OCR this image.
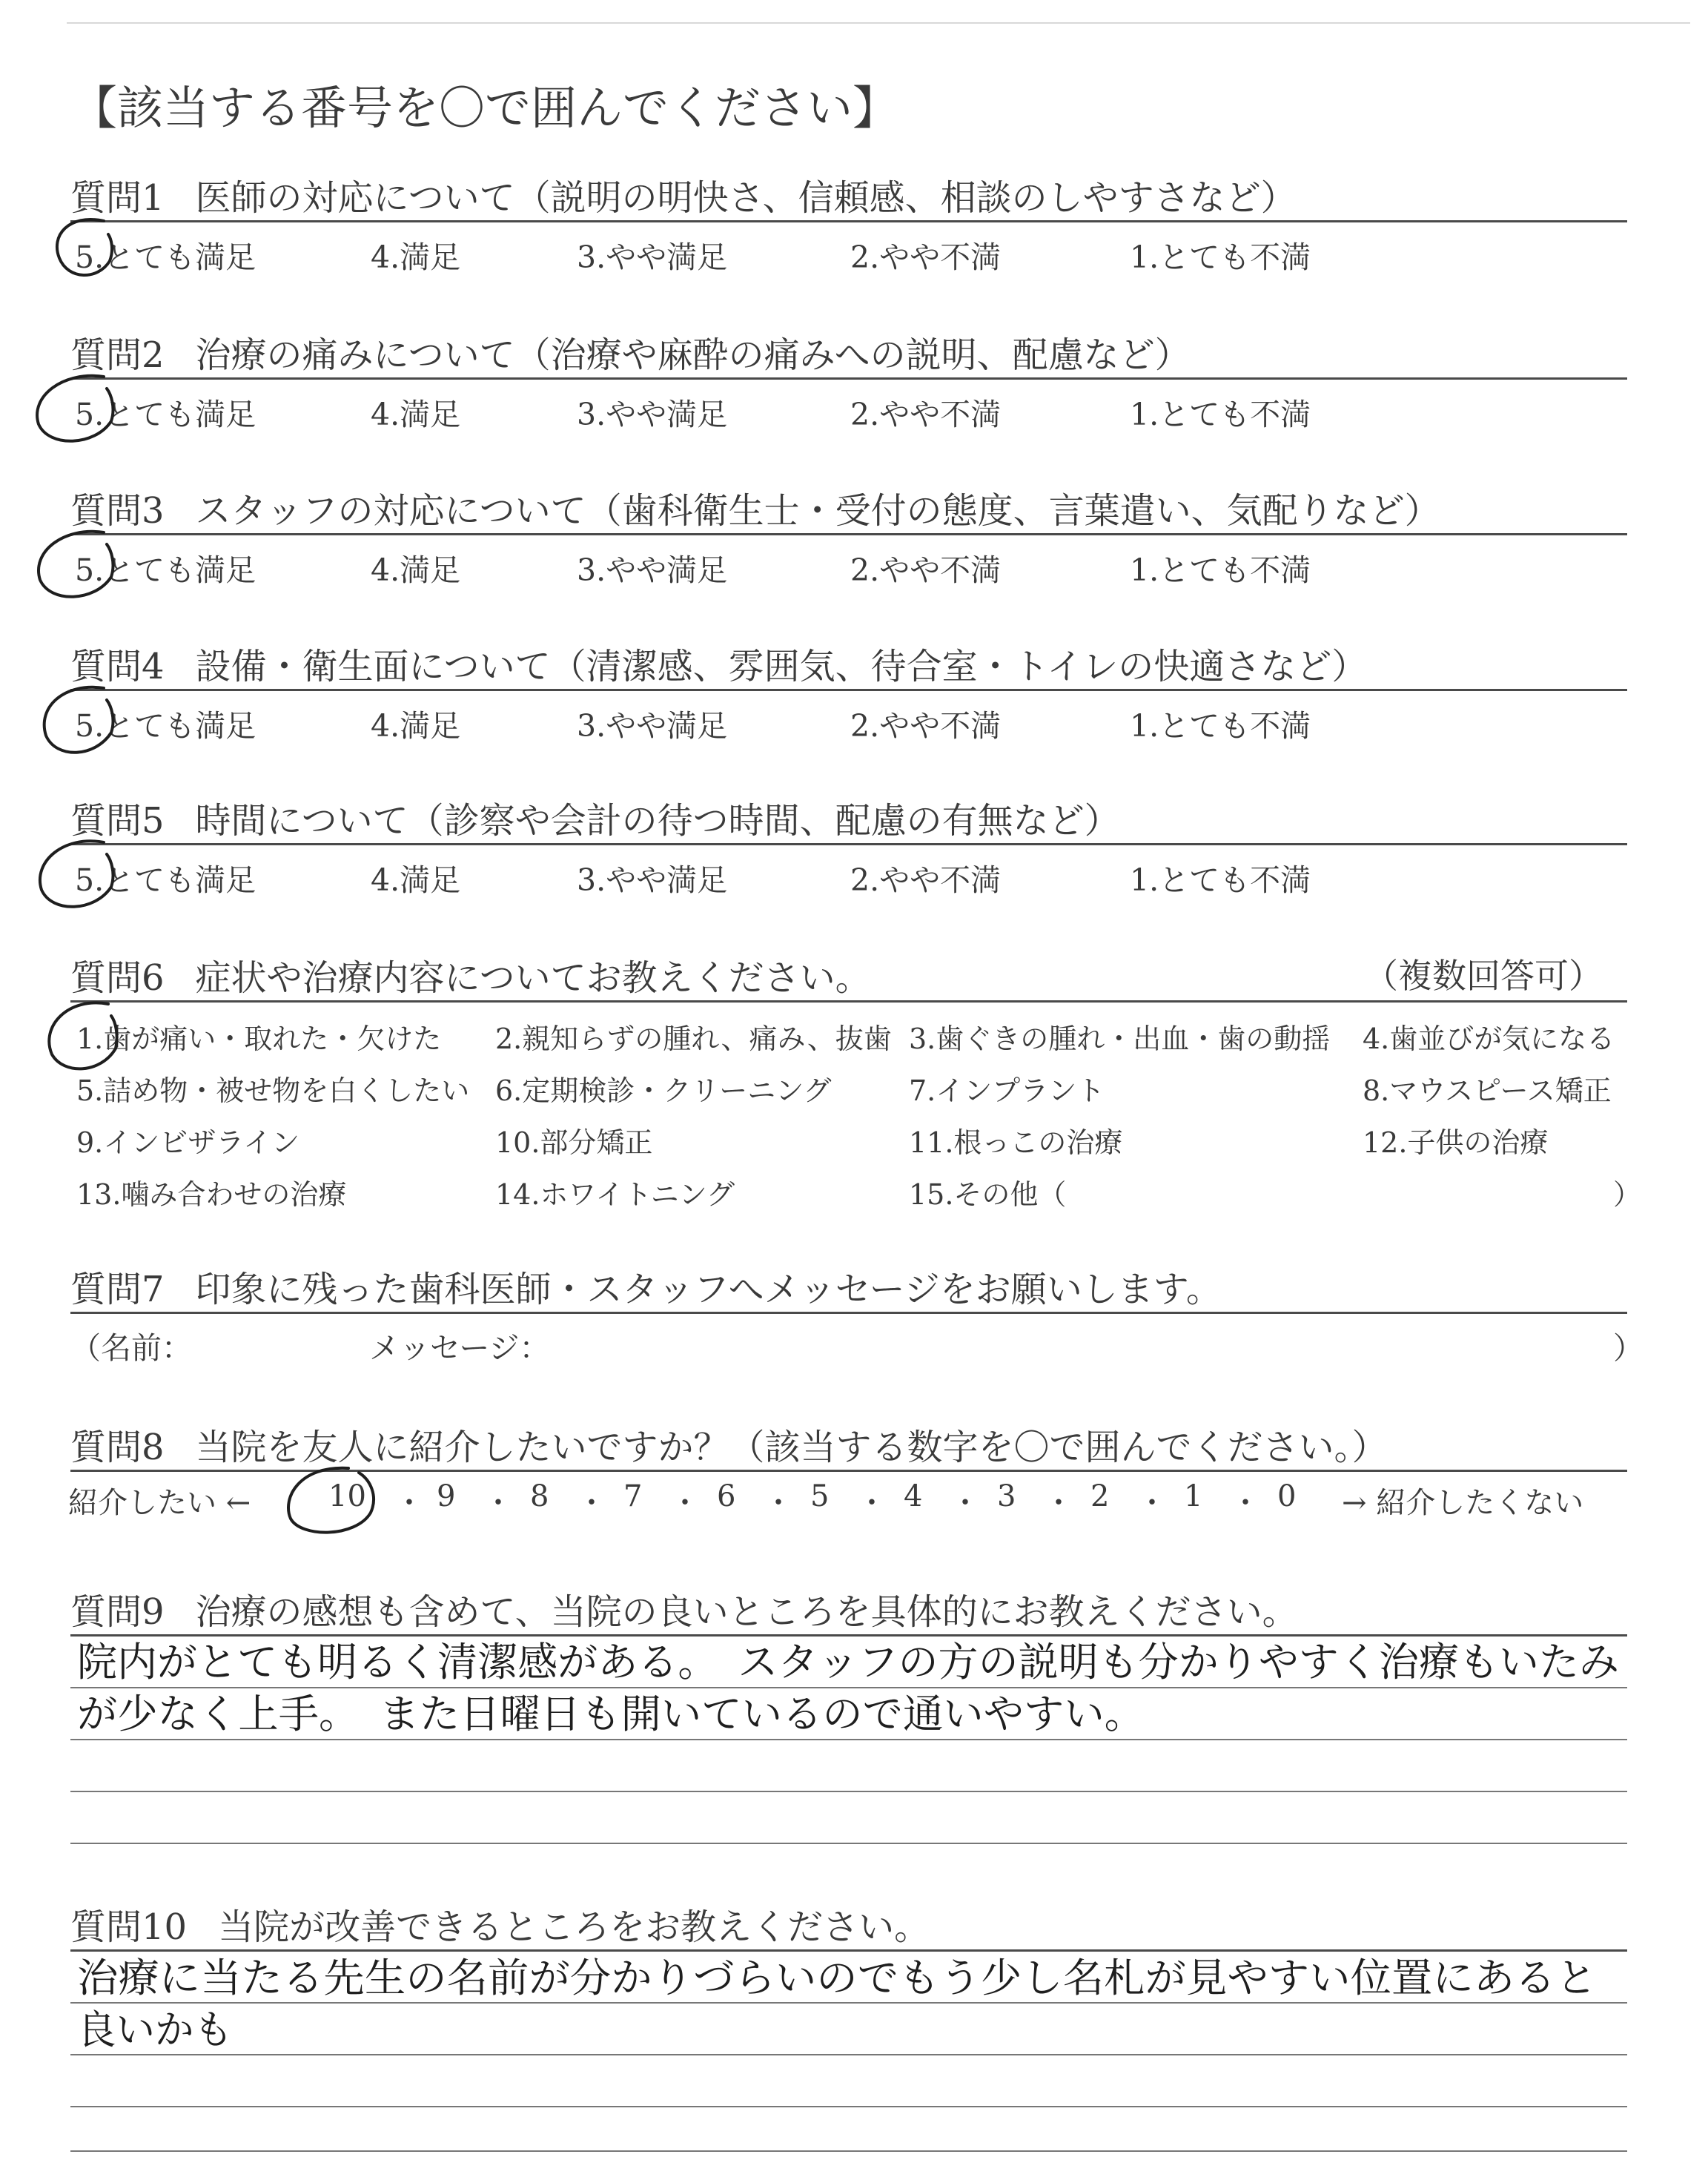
【該当する番号を〇で囲んでください】
質問1 医師の対応について（説明の明快さ、信頼感、相談のしやすさなど）
5.とても満足	4.満足	3.やや満足	2.やや不満	1.とても不満
質問2 治療の痛みについて（治療や麻酔の痛みへの説明、配慮など）
5.とても満足	4.満足	3.やや満足	2.やや不満	1.とても不満
質問3 スタッフの対応について（歯科衛生士・受付の態度、言葉遣い、気配りなど）
5.とても満足	4.満足	3.やや満足	2.やや不満	1.とても不満
質問4 設備・衛生面について（清潔感、雰囲気、待合室・トイレの快適さなど）
5.とても満足	4.満足	3.やや満足	2.やや不満	1.とても不満
質問5 時間について（診察や会計の待つ時間、配慮の有無など）
5.とても満足	4.満足	3.やや満足	2.やや不満	1.とても不満
質問6 症状や治療内容についてお教えください。	（複数回答可）
1.歯が痛い・取れた・欠けた 2.親知らずの腫れ、痛み、抜歯 3.歯ぐきの腫れ・出血・歯の動揺 4.歯並びが気になる
5.詰め物・被せ物を白くしたい 6.定期検診・クリーニング	7.インプラント	8.マウスピース矯正
9.インビザライン	10.部分矯正	11.根っこの治療	12.子供の治療
13.噛み合わせの治療	14.ホワイトニング	15.その他（	）
質問7 印象に残った歯科医師・スタッフへメッセージをお願いします。
（名前：	メッセージ：	）
質問8 当院を友人に紹介したいですか？（該当する数字を〇で囲んでください。）
紹介したい ←	10 ・ 9 ・ 8 ・ 7 ・ 6 ・ 5 ・ 4 ・ 3 ・ 2 ・ 1 ・ 0 → 紹介したくない
質問9 治療の感想も含めて、当院の良いところを具体的にお教えください。
質問10 当院が改善できるところをお教えください。
院内がとても明るく清潔感がある。　スタッフの方の説明も分かりやすく治療もいたみ
が少なく上手。　また日曜日も開いているので通いやすい。
治療に当たる先生の名前が分かりづらいのでもう少し名札が見やすい位置にあると
良いかも
